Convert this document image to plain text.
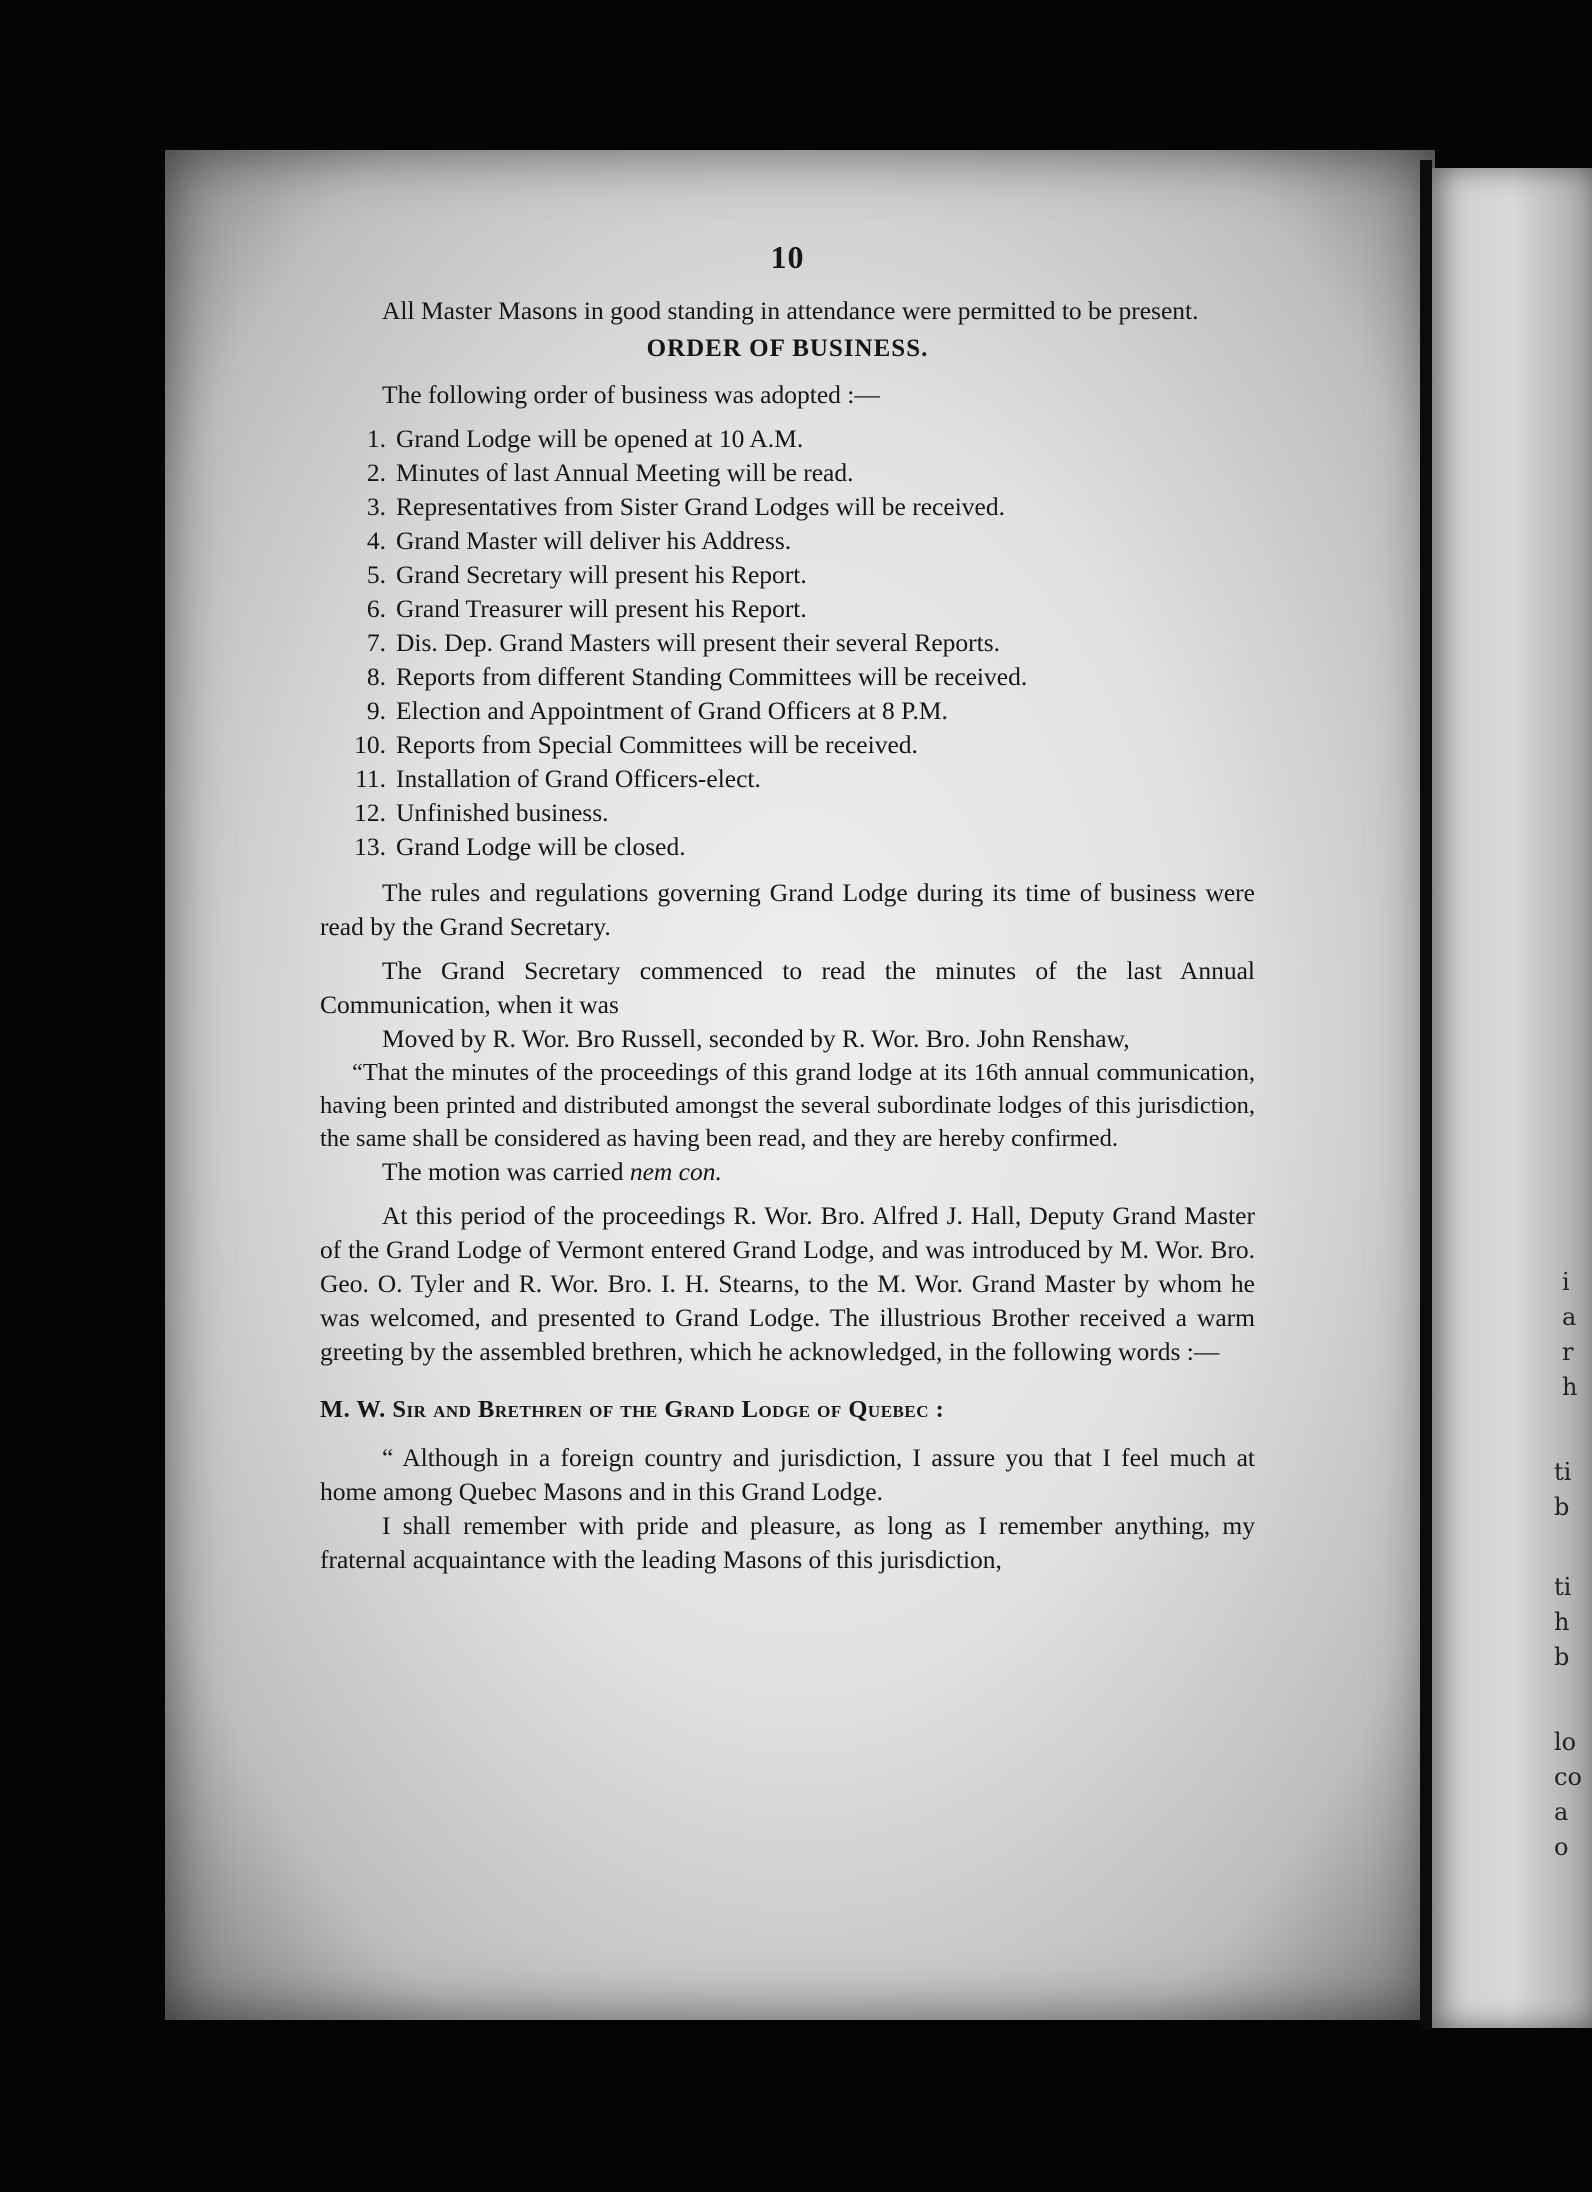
i
a
r
h
ti
b
ti
h
b
lo
co
a
o
10

All Master Masons in good standing in attendance were permitted to be present.

ORDER OF BUSINESS.

The following order of business was adopted :—

1. Grand Lodge will be opened at 10 A.M.
2. Minutes of last Annual Meeting will be read.
3. Representatives from Sister Grand Lodges will be received.
4. Grand Master will deliver his Address.
5. Grand Secretary will present his Report.
6. Grand Treasurer will present his Report.
7. Dis. Dep. Grand Masters will present their several Reports.
8. Reports from different Standing Committees will be received.
9. Election and Appointment of Grand Officers at 8 P.M.
10. Reports from Special Committees will be received.
11. Installation of Grand Officers-elect.
12. Unfinished business.
13. Grand Lodge will be closed.

The rules and regulations governing Grand Lodge during its time of business were read by the Grand Secretary.

The Grand Secretary commenced to read the minutes of the last Annual Communication, when it was

Moved by R. Wor. Bro Russell, seconded by R. Wor. Bro. John Renshaw,

“That the minutes of the proceedings of this grand lodge at its 16th annual communication, having been printed and distributed amongst the several subordinate lodges of this jurisdiction, the same shall be considered as having been read, and they are hereby confirmed.

The motion was carried nem con.

At this period of the proceedings R. Wor. Bro. Alfred J. Hall, Deputy Grand Master of the Grand Lodge of Vermont entered Grand Lodge, and was introduced by M. Wor. Bro. Geo. O. Tyler and R. Wor. Bro. I. H. Stearns, to the M. Wor. Grand Master by whom he was welcomed, and presented to Grand Lodge. The illustrious Brother received a warm greeting by the assembled brethren, which he acknowledged, in the following words :—

M. W. Sir and Brethren of the Grand Lodge of Quebec :

“ Although in a foreign country and jurisdiction, I assure you that I feel much at home among Quebec Masons and in this Grand Lodge.

I shall remember with pride and pleasure, as long as I remember anything, my fraternal acquaintance with the leading Masons of this jurisdiction,
